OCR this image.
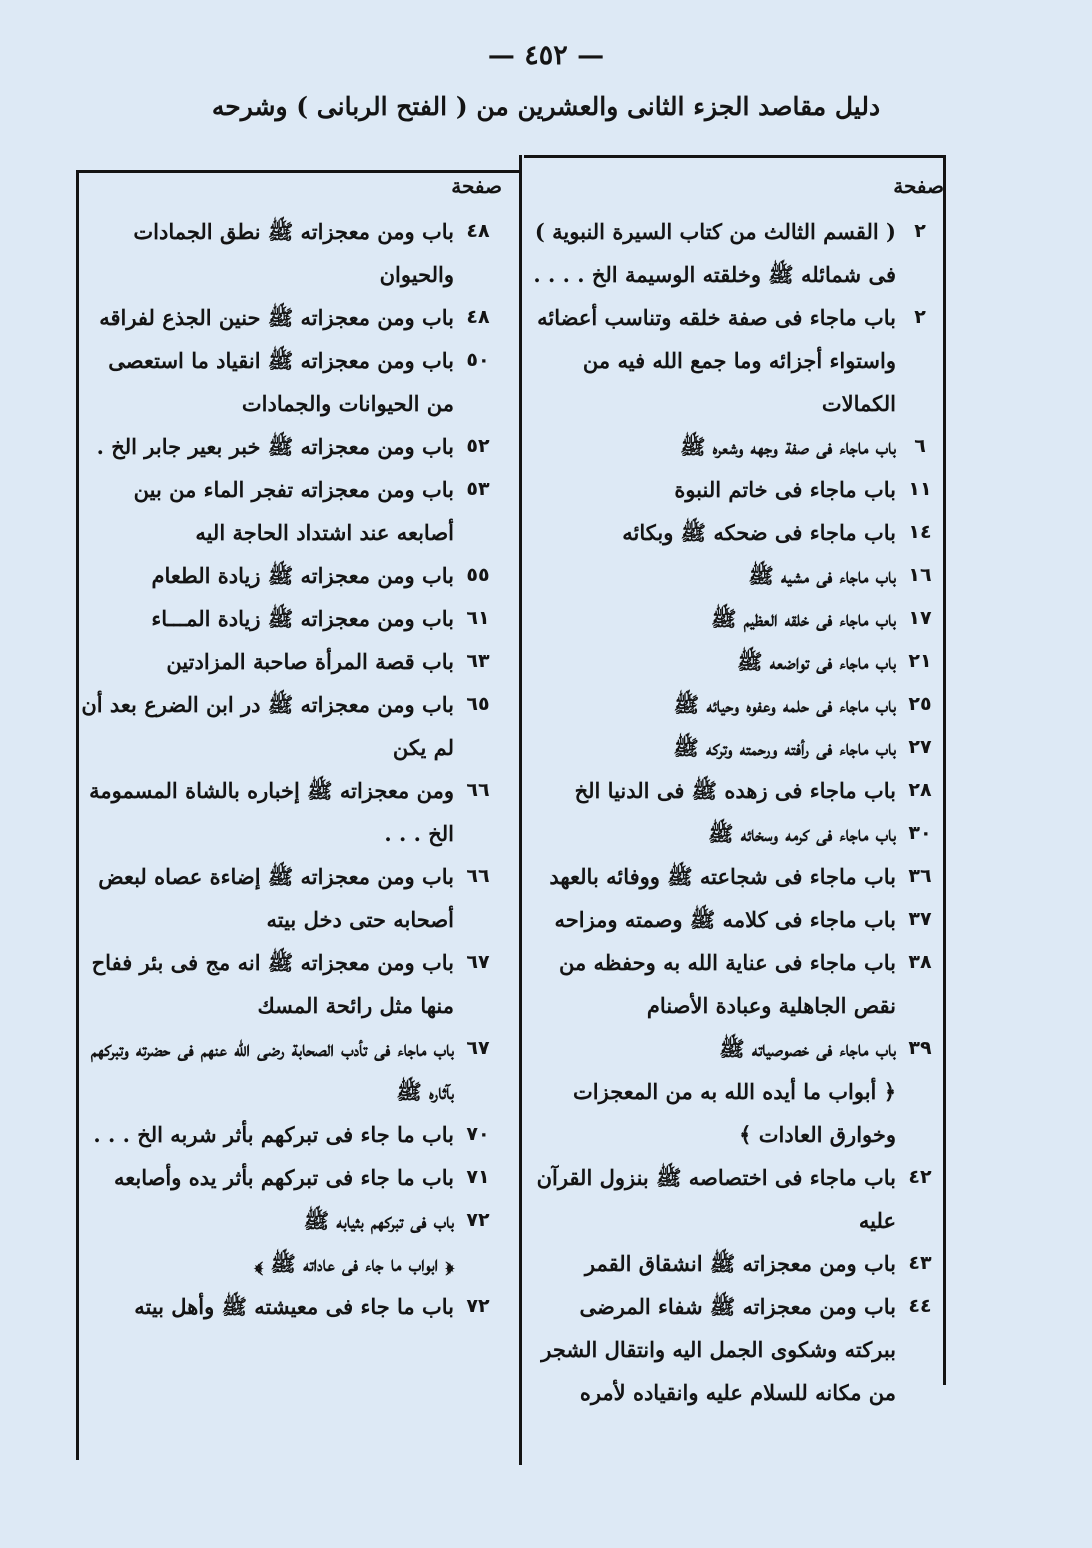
— ٤٥٢ —
دليل مقاصد الجزء الثانى والعشرين من ( الفتح الربانى ) وشرحه
صفحة
٢
( القسم الثالث من كتاب السيرة النبوية ) فى شمائله ﷺ وخلقته الوسيمة الخ . . . .
٢
باب ماجاء فى صفة خلقه وتناسب أعضائه واستواء أجزائه وما جمع الله فيه من الكمالات
٦
باب ماجاء فى صفة وجهه وشعره ﷺ
١١
باب ماجاء فى خاتم النبوة
١٤
باب ماجاء فى ضحكه ﷺ وبكائه
١٦
باب ماجاء فى مشيه ﷺ
١٧
باب ماجاء فى خلقه العظيم ﷺ
٢١
باب ماجاء فى تواضعه ﷺ
٢٥
باب ماجاء فى حلمه وعفوه وحيائه ﷺ
٢٧
باب ماجاء فى رأفته ورحمته وتركه ﷺ
٢٨
باب ماجاء فى زهده ﷺ فى الدنيا الخ
٣٠
باب ماجاء فى كرمه وسخائه ﷺ
٣٦
باب ماجاء فى شجاعته ﷺ ووفائه بالعهد
٣٧
باب ماجاء فى كلامه ﷺ وصمته ومزاحه
٣٨
باب ماجاء فى عناية الله به وحفظه من نقص الجاهلية وعبادة الأصنام
٣٩
باب ماجاء فى خصوصياته ﷺ
﴿ أبواب ما أيده الله به من المعجزات وخوارق العادات ﴾
٤٢
باب ماجاء فى اختصاصه ﷺ بنزول القرآن عليه
٤٣
باب ومن معجزاته ﷺ انشقاق القمر
٤٤
باب ومن معجزاته ﷺ شفاء المرضى ببركته وشكوى الجمل اليه وانتقال الشجر من مكانه للسلام عليه وانقياده لأمره
صفحة
٤٨
باب ومن معجزاته ﷺ نطق الجمادات والحيوان
٤٨
باب ومن معجزاته ﷺ حنين الجذع لفراقه
٥٠
باب ومن معجزاته ﷺ انقياد ما استعصى من الحيوانات والجمادات
٥٢
باب ومن معجزاته ﷺ خبر بعير جابر الخ .
٥٣
باب ومن معجزاته تفجر الماء من بين أصابعه عند اشتداد الحاجة اليه
٥٥
باب ومن معجزاته ﷺ زيادة الطعام
٦١
باب ومن معجزاته ﷺ زيادة المـــاء
٦٣
باب قصة المرأة صاحبة المزادتين
٦٥
باب ومن معجزاته ﷺ در ابن الضرع بعد أن لم يكن
٦٦
ومن معجزاته ﷺ إخباره بالشاة المسمومة الخ . . .
٦٦
باب ومن معجزاته ﷺ إضاءة عصاه لبعض أصحابه حتى دخل بيته
٦٧
باب ومن معجزاته ﷺ انه مج فى بئر ففاح منها مثل رائحة المسك
٦٧
باب ماجاء فى تأدب الصحابة رضى الله عنهم فى حضرته وتبركهم بآثاره ﷺ
٧٠
باب ما جاء فى تبركهم بأثر شربه الخ . . .
٧١
باب ما جاء فى تبركهم بأثر يده وأصابعه
٧٢
باب فى تبركهم بثيابه ﷺ
﴿ ابواب ما جاء فى عاداته ﷺ ﴾
٧٢
باب ما جاء فى معيشته ﷺ وأهل بيته
